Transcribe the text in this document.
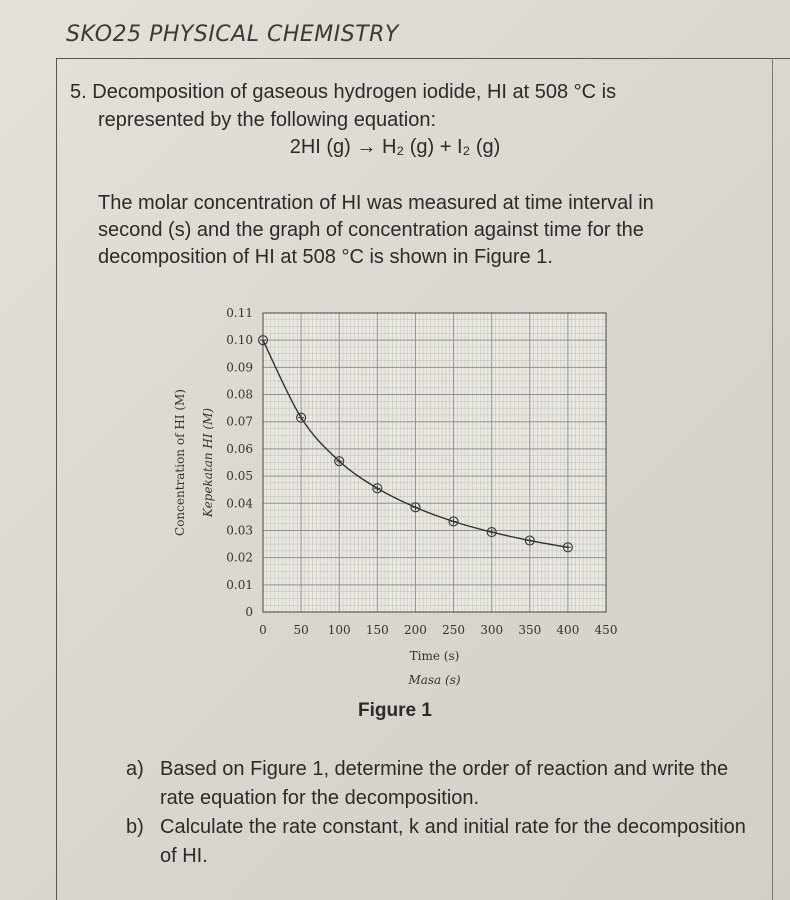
SKO25 PHYSICAL CHEMISTRY
5. Decomposition of gaseous hydrogen iodide, HI at 508 °C is
represented by the following equation:
2HI (g) → H₂ (g) + I₂ (g)
The molar concentration of HI was measured at time interval in second (s) and the graph of concentration against time for the decomposition of HI at 508 °C is shown in Figure 1.
0 50 100 150 200 250 300 350 400 450
0
0.01
0.02
0.03
0.04
0.05
0.06
0.07
0.08
0.09
0.10
0.11
Time (s)
Masa (s)
Concentration of HI (M) Kepekatan HI (M)
Figure 1
a) Based on Figure 1, determine the order of reaction and write the rate equation for the decomposition.
b) Calculate the rate constant, k and initial rate for the decomposition of HI.
